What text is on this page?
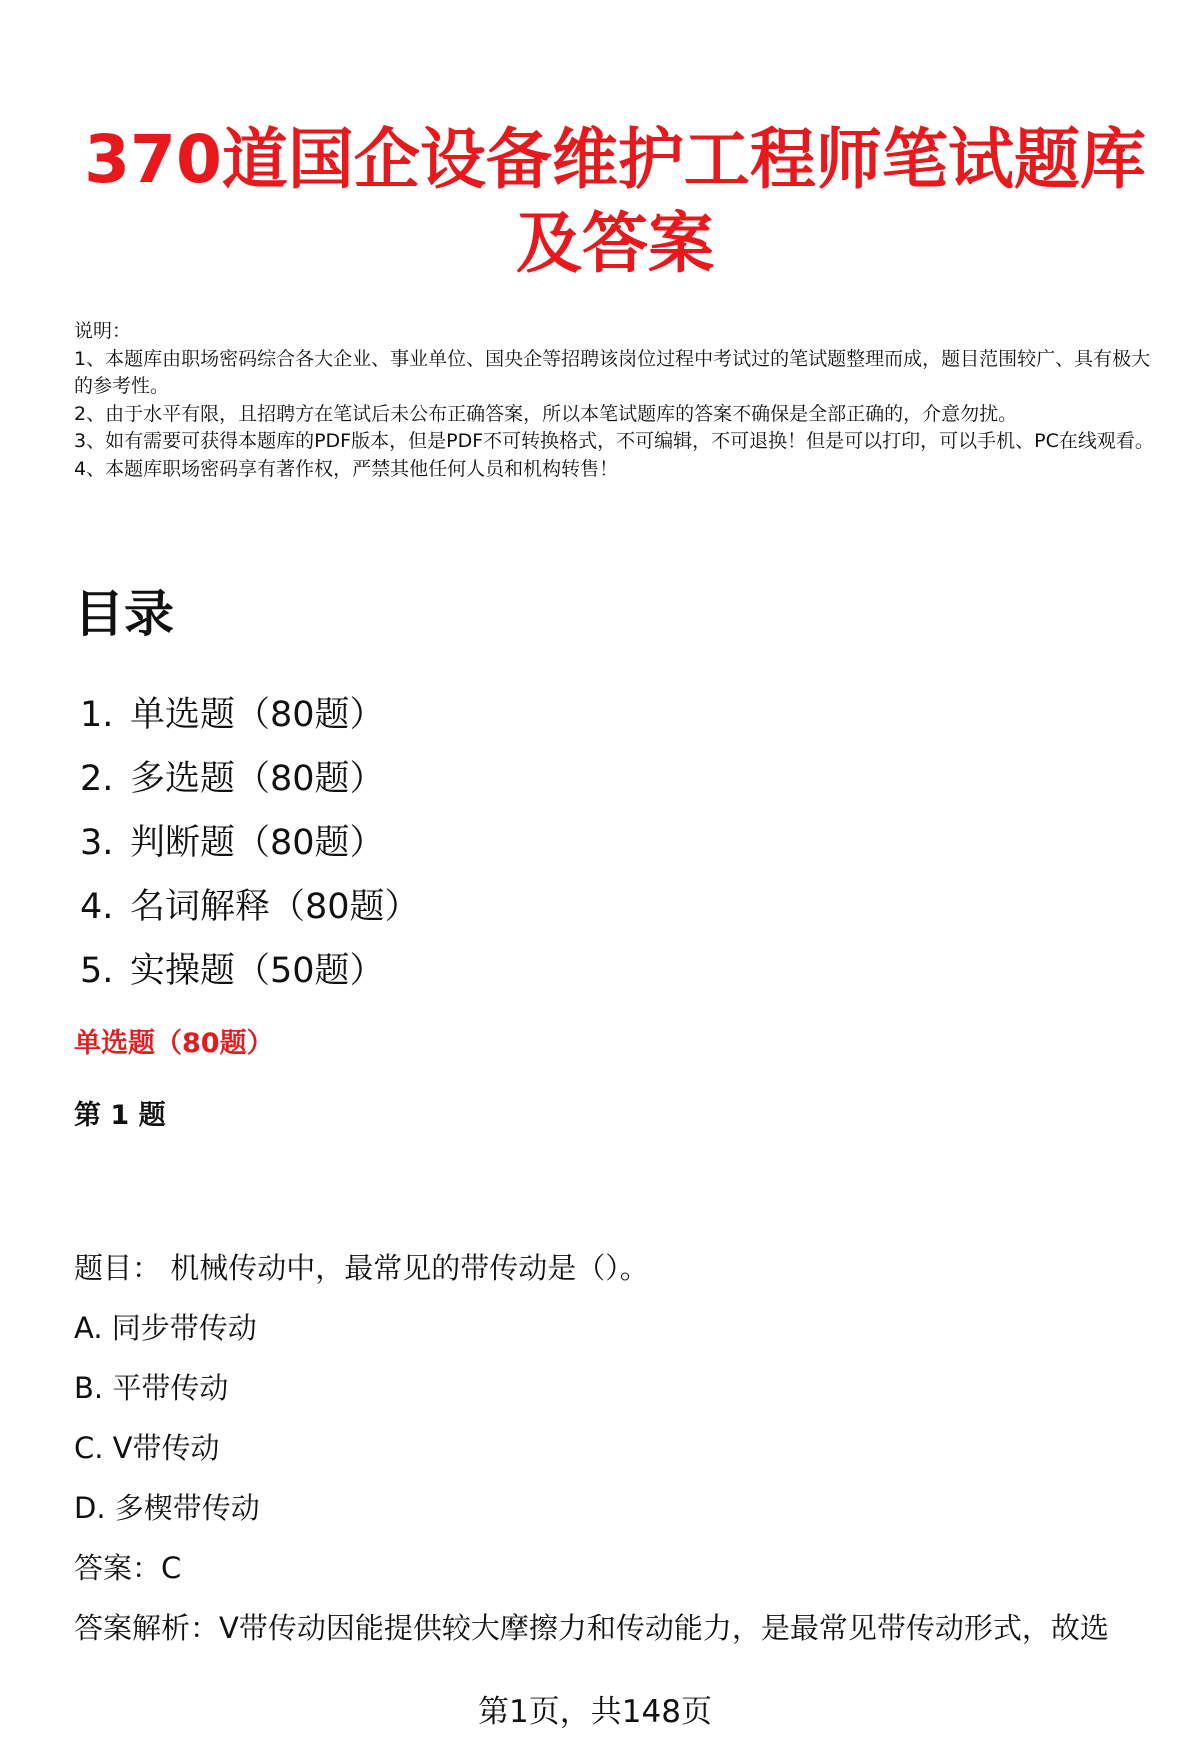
370道国企设备维护工程师笔试题库
及答案
说明：
1、本题库由职场密码综合各大企业、事业单位、国央企等招聘该岗位过程中考试过的笔试题整理而成，题目范围较广、具有极大的参考性。
2、由于水平有限，且招聘方在笔试后未公布正确答案，所以本笔试题库的答案不确保是全部正确的，介意勿扰。
3、如有需要可获得本题库的PDF版本，但是PDF不可转换格式，不可编辑，不可退换！但是可以打印，可以手机、PC在线观看。
4、本题库职场密码享有著作权，严禁其他任何人员和机构转售！
目录
1. 单选题（80题）
2. 多选题（80题）
3. 判断题（80题）
4. 名词解释（80题）
5. 实操题（50题）
单选题（80题）
第 1 题
题目： 机械传动中，最常见的带传动是（）。
A. 同步带传动
B. 平带传动
C. V带传动
D. 多楔带传动
答案：C
答案解析：V带传动因能提供较大摩擦力和传动能力，是最常见带传动形式，故选
第1页，共148页
